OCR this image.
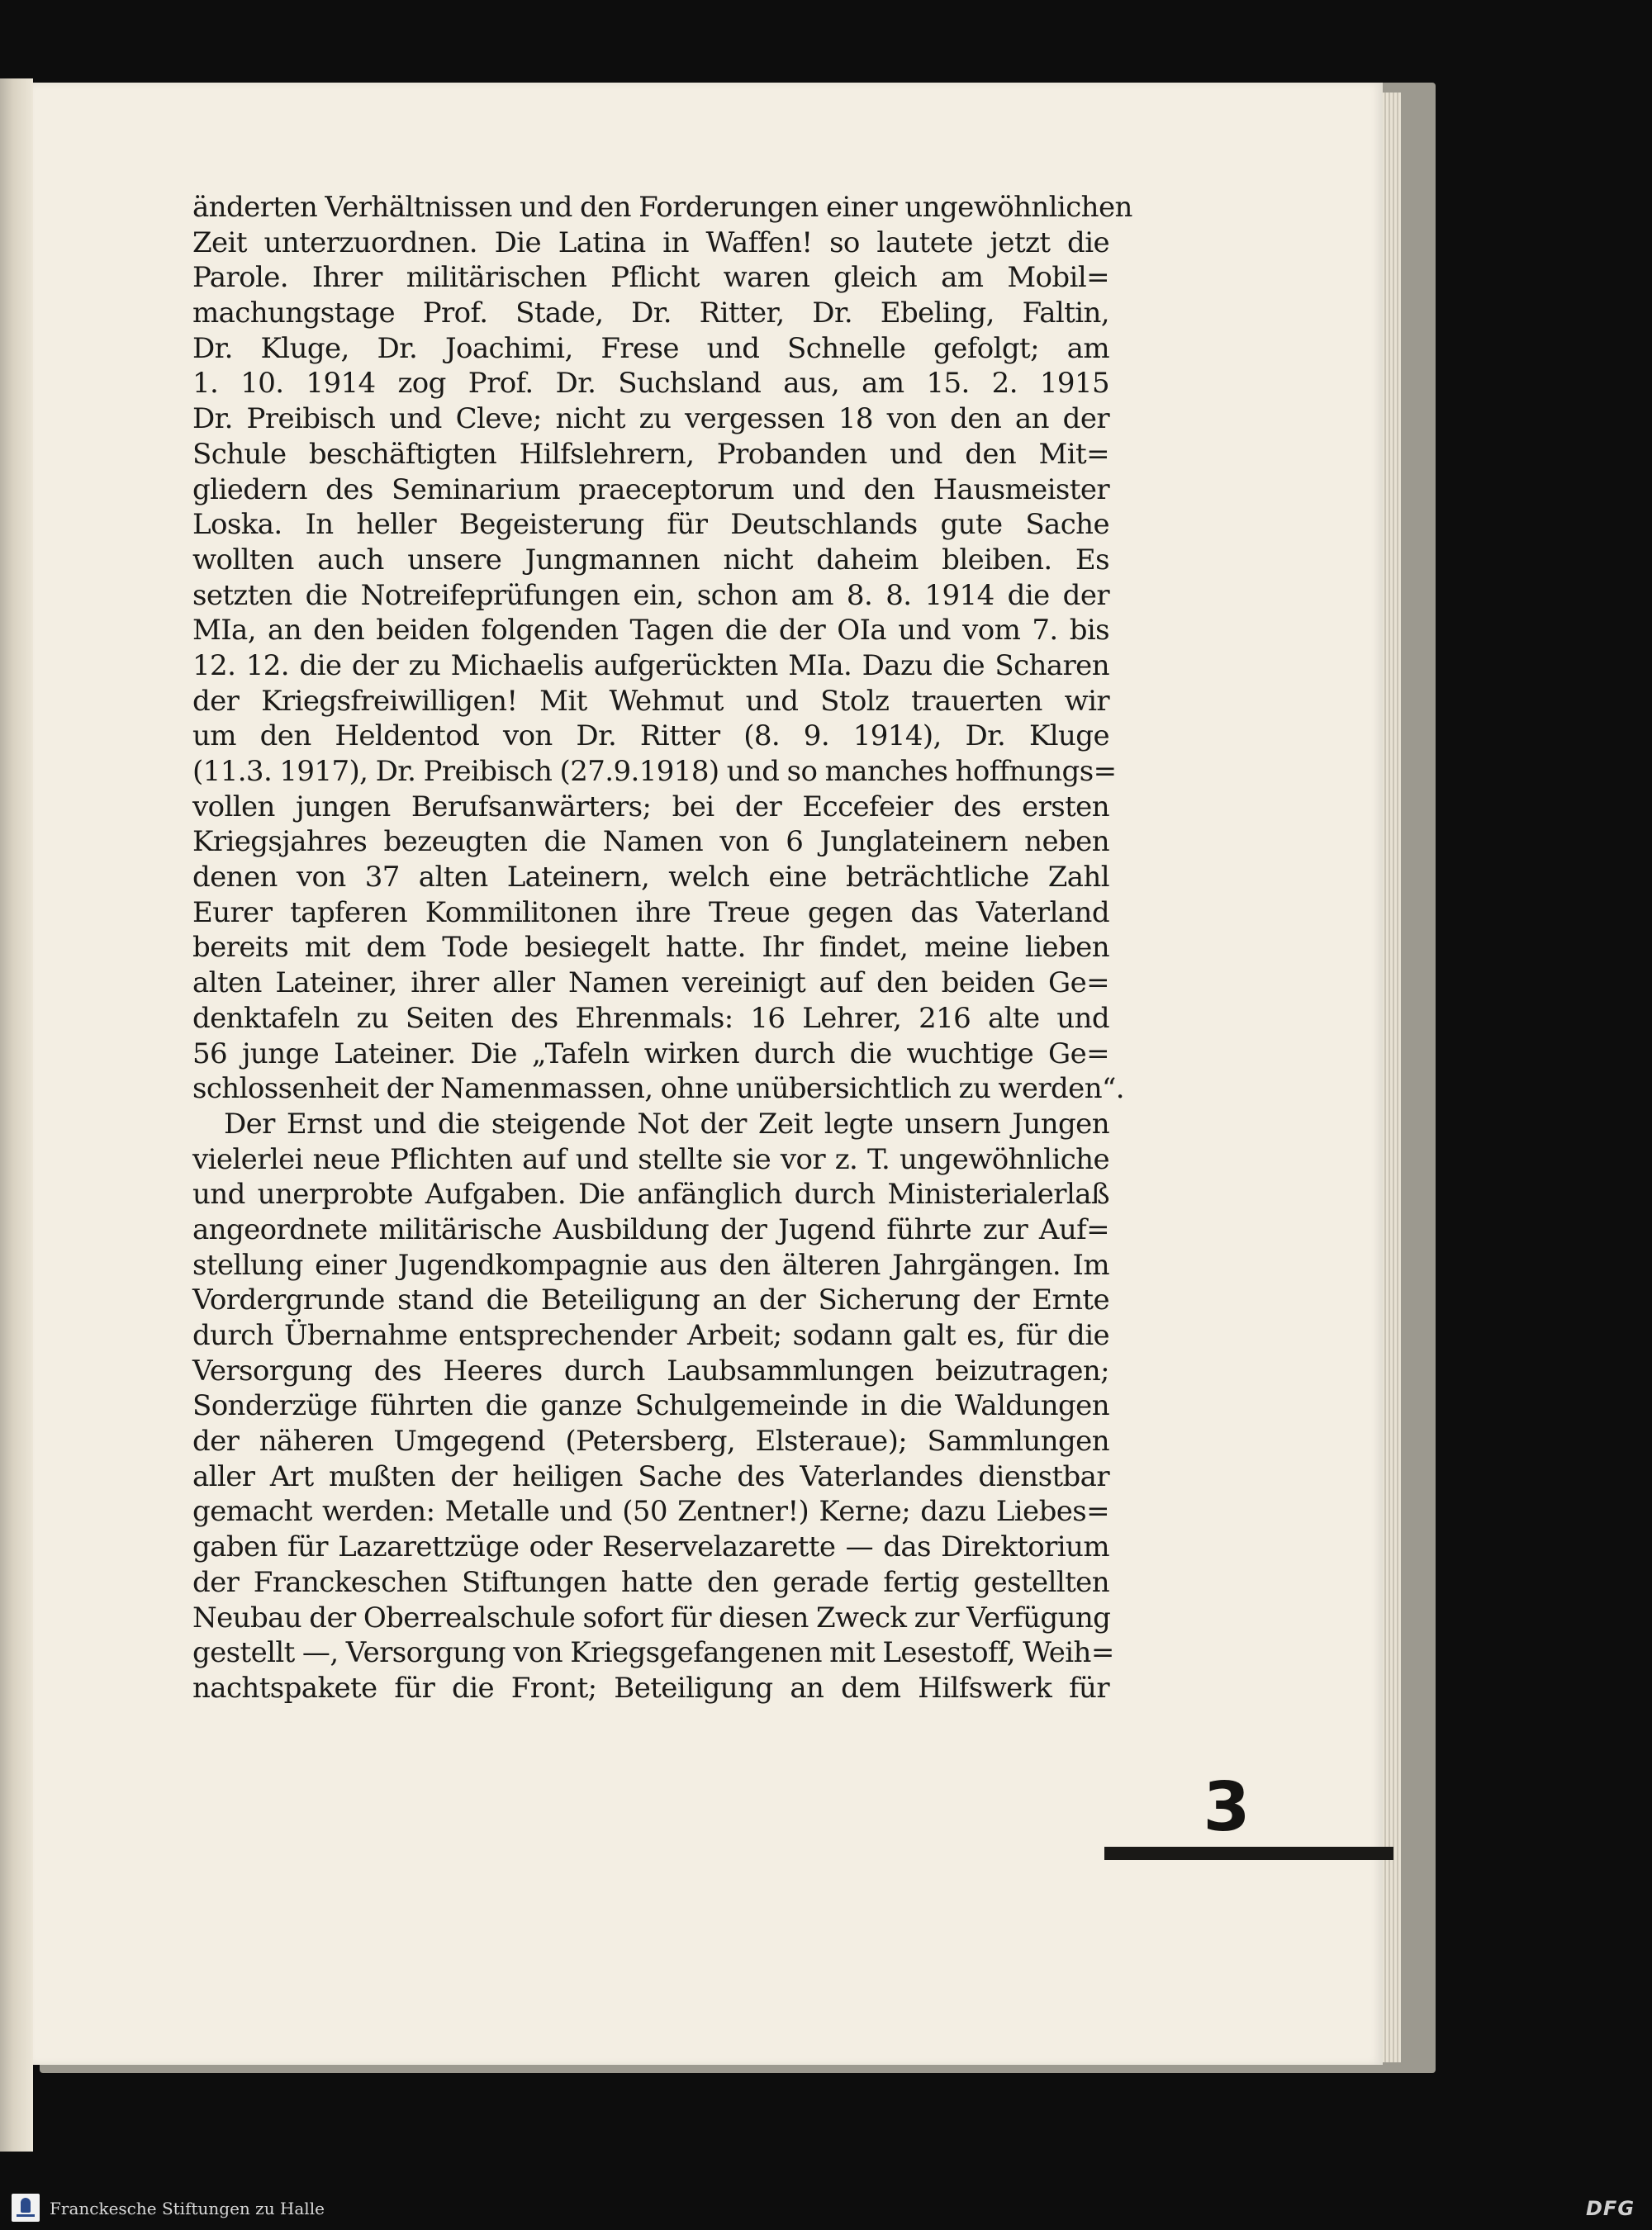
änderten Verhältnissen und den Forderungen einer ungewöhnlichen
Zeit unterzuordnen. Die Latina in Waffen! so lautete jetzt die
Parole. Ihrer militärischen Pflicht waren gleich am Mobil=
machungstage Prof. Stade, Dr. Ritter, Dr. Ebeling, Faltin,
Dr. Kluge, Dr. Joachimi, Frese und Schnelle gefolgt; am
1. 10. 1914 zog Prof. Dr. Suchsland aus, am 15. 2. 1915
Dr. Preibisch und Cleve; nicht zu vergessen 18 von den an der
Schule beschäftigten Hilfslehrern, Probanden und den Mit=
gliedern des Seminarium praeceptorum und den Hausmeister
Loska. In heller Begeisterung für Deutschlands gute Sache
wollten auch unsere Jungmannen nicht daheim bleiben. Es
setzten die Notreifeprüfungen ein, schon am 8. 8. 1914 die der
MIa, an den beiden folgenden Tagen die der OIa und vom 7. bis
12. 12. die der zu Michaelis aufgerückten MIa. Dazu die Scharen
der Kriegsfreiwilligen! Mit Wehmut und Stolz trauerten wir
um den Heldentod von Dr. Ritter (8. 9. 1914), Dr. Kluge
(11.3. 1917), Dr. Preibisch (27.9.1918) und so manches hoffnungs=
vollen jungen Berufsanwärters; bei der Eccefeier des ersten
Kriegsjahres bezeugten die Namen von 6 Junglateinern neben
denen von 37 alten Lateinern, welch eine beträchtliche Zahl
Eurer tapferen Kommilitonen ihre Treue gegen das Vaterland
bereits mit dem Tode besiegelt hatte. Ihr findet, meine lieben
alten Lateiner, ihrer aller Namen vereinigt auf den beiden Ge=
denktafeln zu Seiten des Ehrenmals: 16 Lehrer, 216 alte und
56 junge Lateiner. Die „Tafeln wirken durch die wuchtige Ge=
schlossenheit der Namenmassen, ohne unübersichtlich zu werden“.
Der Ernst und die steigende Not der Zeit legte unsern Jungen
vielerlei neue Pflichten auf und stellte sie vor z. T. ungewöhnliche
und unerprobte Aufgaben. Die anfänglich durch Ministerialerlaß
angeordnete militärische Ausbildung der Jugend führte zur Auf=
stellung einer Jugendkompagnie aus den älteren Jahrgängen. Im
Vordergrunde stand die Beteiligung an der Sicherung der Ernte
durch Übernahme entsprechender Arbeit; sodann galt es, für die
Versorgung des Heeres durch Laubsammlungen beizutragen;
Sonderzüge führten die ganze Schulgemeinde in die Waldungen
der näheren Umgegend (Petersberg, Elsteraue); Sammlungen
aller Art mußten der heiligen Sache des Vaterlandes dienstbar
gemacht werden: Metalle und (50 Zentner!) Kerne; dazu Liebes=
gaben für Lazarettzüge oder Reservelazarette — das Direktorium
der Franckeschen Stiftungen hatte den gerade fertig gestellten
Neubau der Oberrealschule sofort für diesen Zweck zur Verfügung
gestellt —, Versorgung von Kriegsgefangenen mit Lesestoff, Weih=
nachtspakete für die Front; Beteiligung an dem Hilfswerk für
3
Franckesche Stiftungen zu Halle	DFG
